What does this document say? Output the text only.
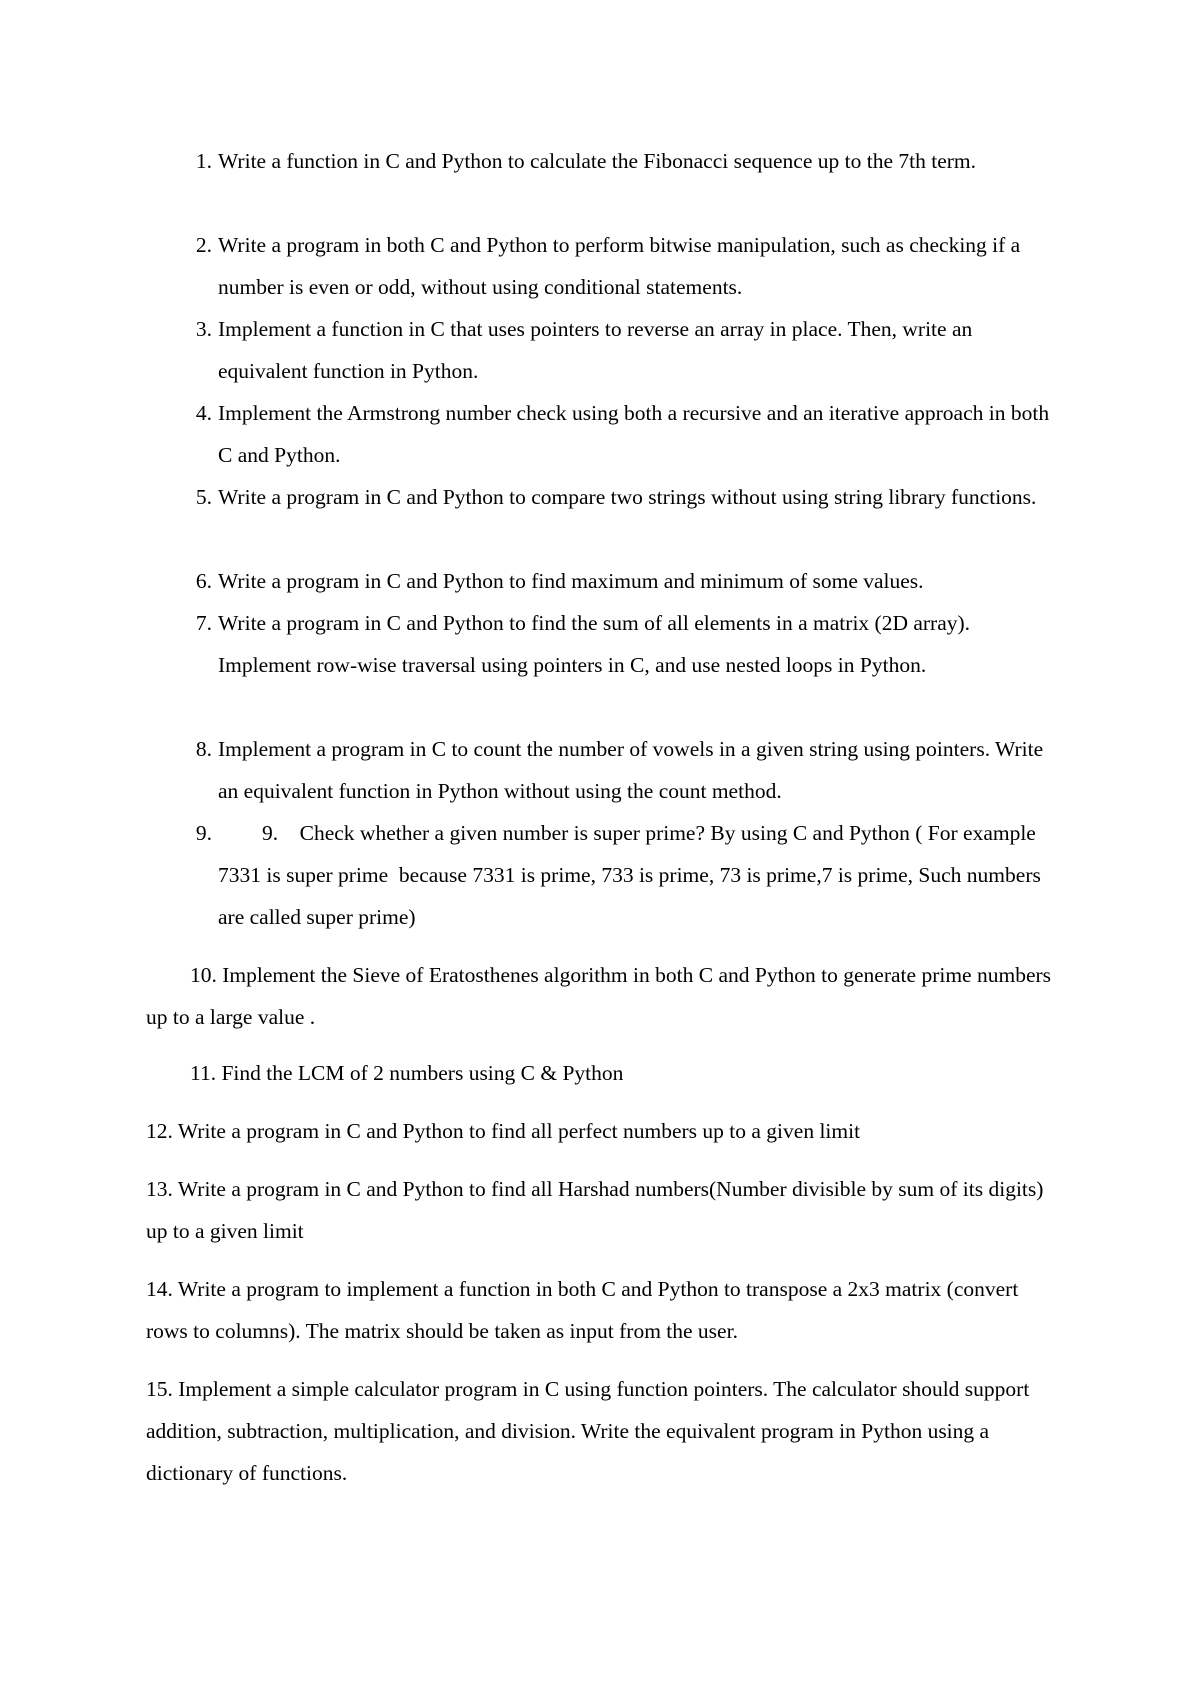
1. Write a function in C and Python to calculate the Fibonacci sequence up to the 7th term.
2. Write a program in both C and Python to perform bitwise manipulation, such as checking if a number is even or odd, without using conditional statements.
3. Implement a function in C that uses pointers to reverse an array in place. Then, write an equivalent function in Python.
4. Implement the Armstrong number check using both a recursive and an iterative approach in both C and Python.
5. Write a program in C and Python to compare two strings without using string library functions.
6. Write a program in C and Python to find maximum and minimum of some values.
7. Write a program in C and Python to find the sum of all elements in a matrix (2D array). Implement row-wise traversal using pointers in C, and use nested loops in Python.
8. Implement a program in C to count the number of vowels in a given string using pointers. Write an equivalent function in Python without using the count method.
9.	9.    Check whether a given number is super prime? By using C and Python ( For example 7331 is super prime  because 7331 is prime, 733 is prime, 73 is prime,7 is prime, Such numbers are called super prime)
10. Implement the Sieve of Eratosthenes algorithm in both C and Python to generate prime numbers up to a large value .
11. Find the LCM of 2 numbers using C & Python
12. Write a program in C and Python to find all perfect numbers up to a given limit
13. Write a program in C and Python to find all Harshad numbers(Number divisible by sum of its digits) up to a given limit
14. Write a program to implement a function in both C and Python to transpose a 2x3 matrix (convert rows to columns). The matrix should be taken as input from the user.
15. Implement a simple calculator program in C using function pointers. The calculator should support addition, subtraction, multiplication, and division. Write the equivalent program in Python using a dictionary of functions.
